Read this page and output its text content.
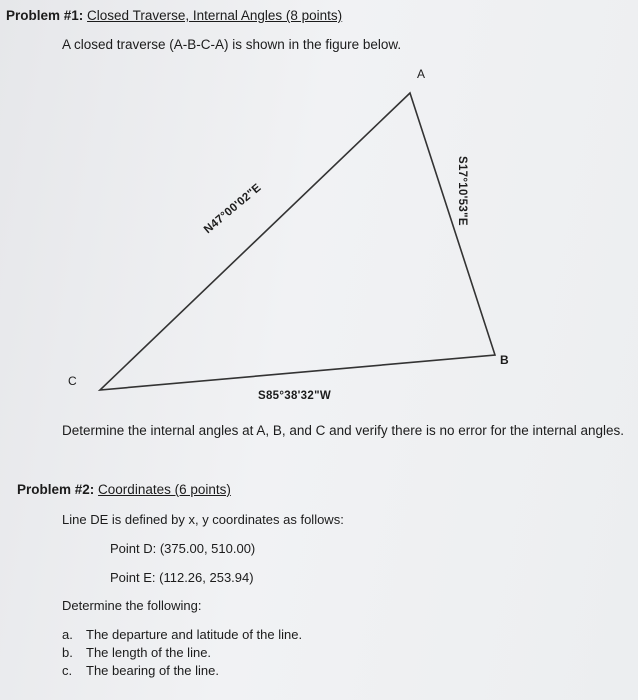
Problem #1: Closed Traverse, Internal Angles (8 points)
A closed traverse (A-B-C-A) is shown in the figure below.
A
B
C
N47°00'02"E	S17°10'53"E
S85°38'32"W
Determine the internal angles at A, B, and C and verify there is no error for the internal angles.
Problem #2: Coordinates (6 points)
Line DE is defined by x, y coordinates as follows:
Point D: (375.00, 510.00)
Point E: (112.26, 253.94)
Determine the following:
a.	The departure and latitude of the line.
b.	The length of the line.
c.	The bearing of the line.
